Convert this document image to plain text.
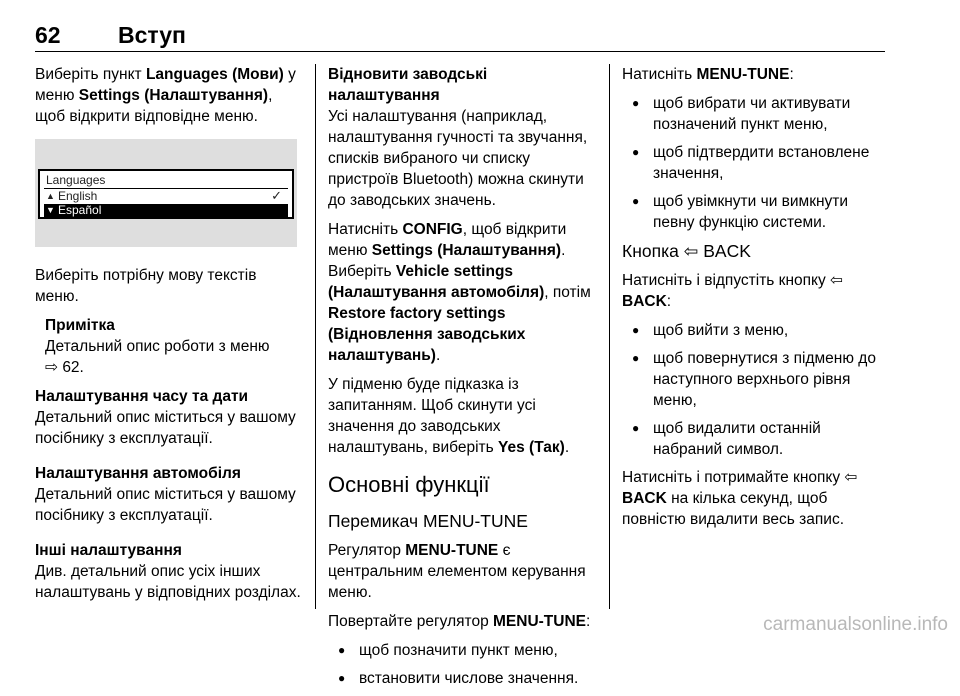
62 Вступ

Виберіть пункт Languages (Мови) у меню Settings (Налаштування), щоб відкрити відповідне меню.

Languages
▲ English	✓
▼ Español

Виберіть потрібну мову текстів меню.

Примітка
Детальний опис роботи з меню
⇨ 62.
Налаштування часу та дати
Детальний опис міститься у вашому посібнику з експлуатації.
Налаштування автомобіля
Детальний опис міститься у вашому посібнику з експлуатації.
Інші налаштування
Див. детальний опис усіх інших налаштувань у відповідних розділах.
Відновити заводські налаштування

Усі налаштування (наприклад, налаштування гучності та звучання, списків вибраного чи списку пристроїв Bluetooth) можна скинути до заводських значень.

Натисніть CONFIG, щоб відкрити меню Settings (Налаштування). Виберіть Vehicle settings (Налаштування автомобіля), потім Restore factory settings (Відновлення заводських налаштувань).

У підменю буде підказка із запитанням. Щоб скинути усі значення до заводських налаштувань, виберіть Yes (Так).

Основні функції
Перемикач MENU-TUNE

Регулятор MENU-TUNE є центральним елементом керування меню.

Повертайте регулятор MENU-TUNE:

● щоб позначити пункт меню,
● встановити числове значення.

Натисніть MENU-TUNE:

● щоб вибрати чи активувати позначений пункт меню,
● щоб підтвердити встановлене значення,
● щоб увімкнути чи вимкнути певну функцію системи.
Кнопка ⇦ BACK

Натисніть і відпустіть кнопку ⇦ BACK:

● щоб вийти з меню,
● щоб повернутися з підменю до наступного верхнього рівня меню,
● щоб видалити останній набраний символ.

Натисніть і потримайте кнопку ⇦ BACK на кілька секунд, щоб повністю видалити весь запис.

carmanualsonline.info
